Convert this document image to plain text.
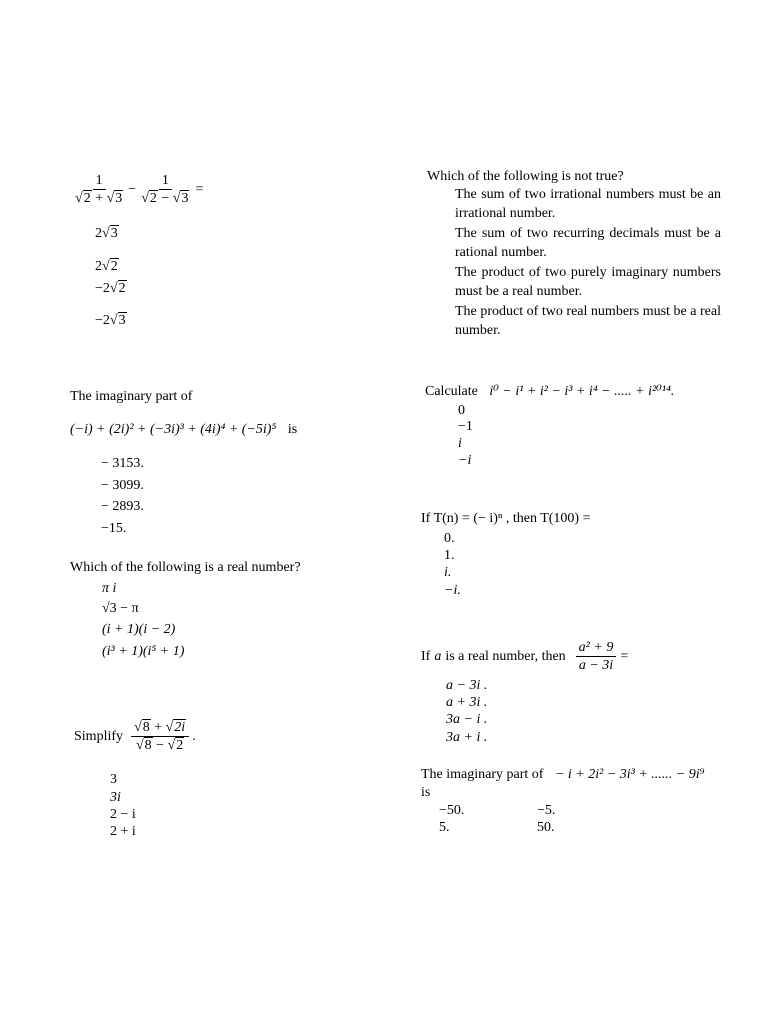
$\frac{1}{√2 + √3} - \frac{1}{√2 - √3}$ =
2√3
2√2
−2√2
−2√3
The imaginary part of
(−i) + (2i)² + (−3i)³ + (4i)⁴ + (−5i)⁵ is
− 3153.
− 3099.
− 2893.
−15.
Which of the following is a real number?
π i
√3 − π
(i + 1)(i − 2)
(i³ + 1)(i⁵ + 1)
Simplify $\frac{√8 + √2i}{√8 - √2}$ .
3
3i
2 − i
2 + i
Which of the following is not true?
The sum of two irrational numbers must be an irrational number.
The sum of two recurring decimals must be a rational number.
The product of two purely imaginary numbers must be a real number.
The product of two real numbers must be a real number.
Calculate i⁰ − i¹ + i² − i³ + i⁴ − ..... + i²⁰¹⁴.
0
−1
i
−i
If T(n) = (− i)ⁿ , then T(100) =
0.
1.
i.
−i.
If a is a real number, then $\frac{\text{a² + 9}}{a - 3i}$ =
a − 3i .
a + 3i .
3a − i .
3a + i .
The imaginary part of − i + 2i² − 3i³ + ...... − 9i⁹
is
−50.	−5.
5.	50.
